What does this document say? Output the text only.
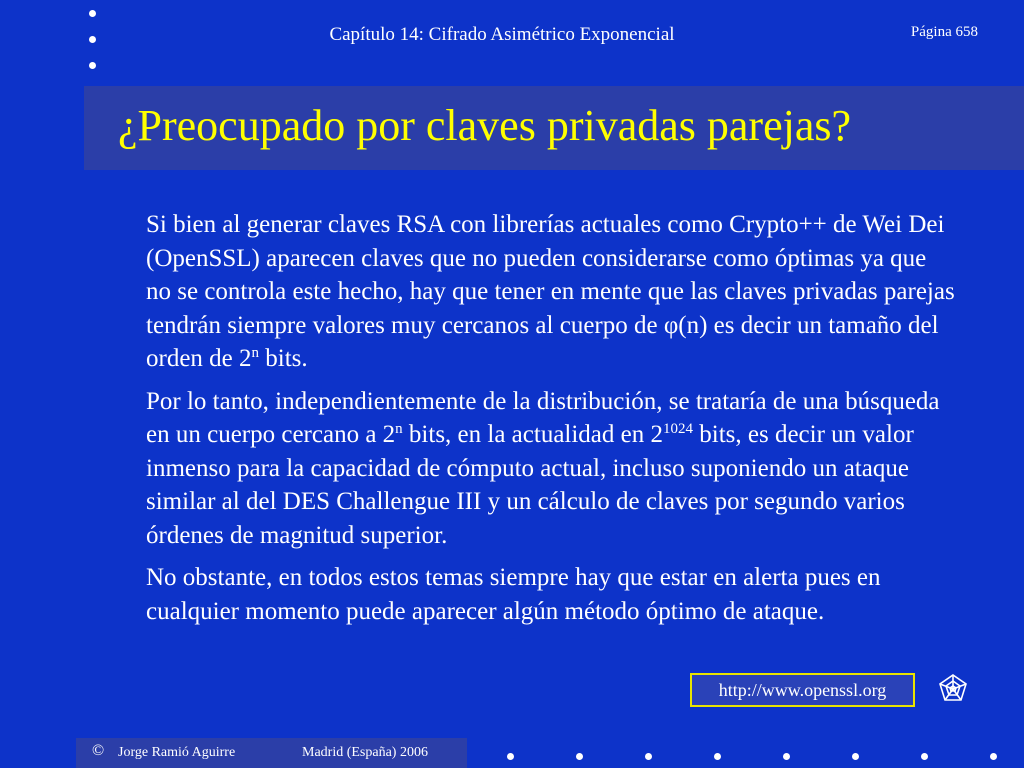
Capítulo 14: Cifrado Asimétrico Exponencial	Página 658
¿Preocupado por claves privadas parejas?

Si bien al generar claves RSA con librerías actuales como Crypto++ de Wei Dei (OpenSSL) aparecen claves que no pueden considerarse como óptimas ya que no se controla este hecho, hay que tener en mente que las claves privadas parejas tendrán siempre valores muy cercanos al cuerpo de φ(n) es decir un tamaño del orden de 2$^n$ bits.

Por lo tanto, independientemente de la distribución, se trataría de una búsqueda en un cuerpo cercano a 2$^n$ bits, en la actualidad en $2^{1024}$ bits, es decir un valor inmenso para la capacidad de cómputo actual, incluso suponiendo un ataque similar al del DES Challengue III y un cálculo de claves por segundo varios órdenes de magnitud superior.

No obstante, en todos estos temas siempre hay que estar en alerta pues en cualquier momento puede aparecer algún método óptimo de ataque.

http://www.openssl.org
© Jorge Ramió Aguirre	Madrid (España) 2006
